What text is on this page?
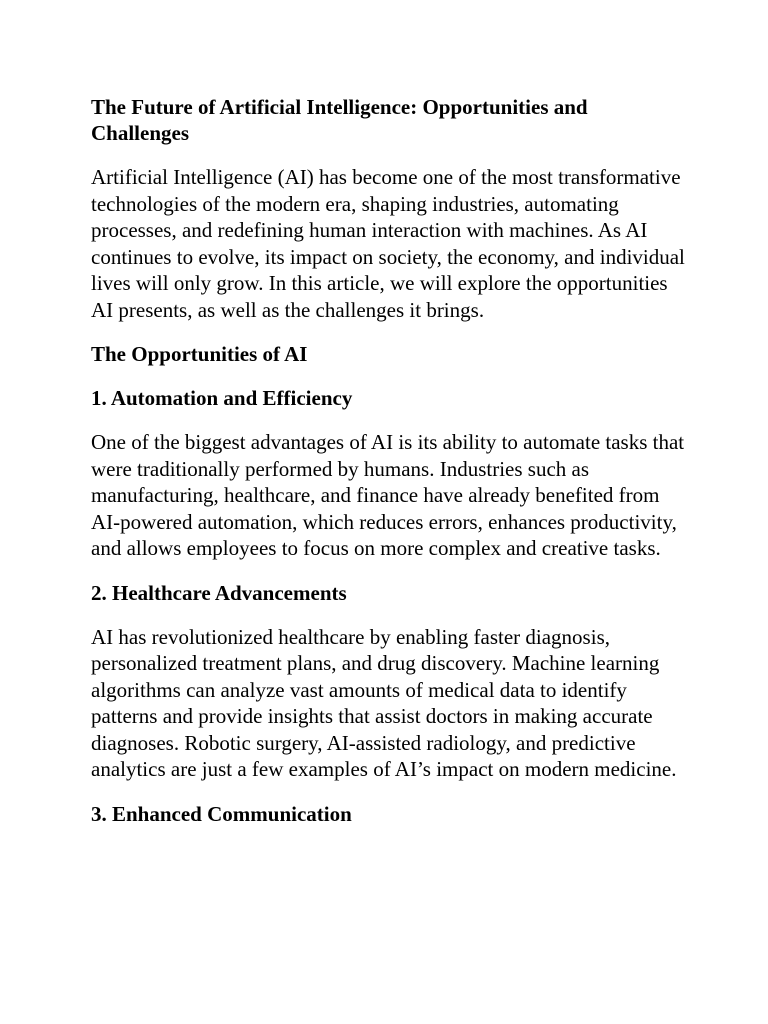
The Future of Artificial Intelligence: Opportunities and Challenges
Artificial Intelligence (AI) has become one of the most transformative technologies of the modern era, shaping industries, automating processes, and redefining human interaction with machines. As AI continues to evolve, its impact on society, the economy, and individual lives will only grow. In this article, we will explore the opportunities AI presents, as well as the challenges it brings.
The Opportunities of AI
1. Automation and Efficiency
One of the biggest advantages of AI is its ability to automate tasks that were traditionally performed by humans. Industries such as manufacturing, healthcare, and finance have already benefited from AI-powered automation, which reduces errors, enhances productivity, and allows employees to focus on more complex and creative tasks.
2. Healthcare Advancements
AI has revolutionized healthcare by enabling faster diagnosis, personalized treatment plans, and drug discovery. Machine learning algorithms can analyze vast amounts of medical data to identify patterns and provide insights that assist doctors in making accurate diagnoses. Robotic surgery, AI-assisted radiology, and predictive analytics are just a few examples of AI’s impact on modern medicine.
3. Enhanced Communication
